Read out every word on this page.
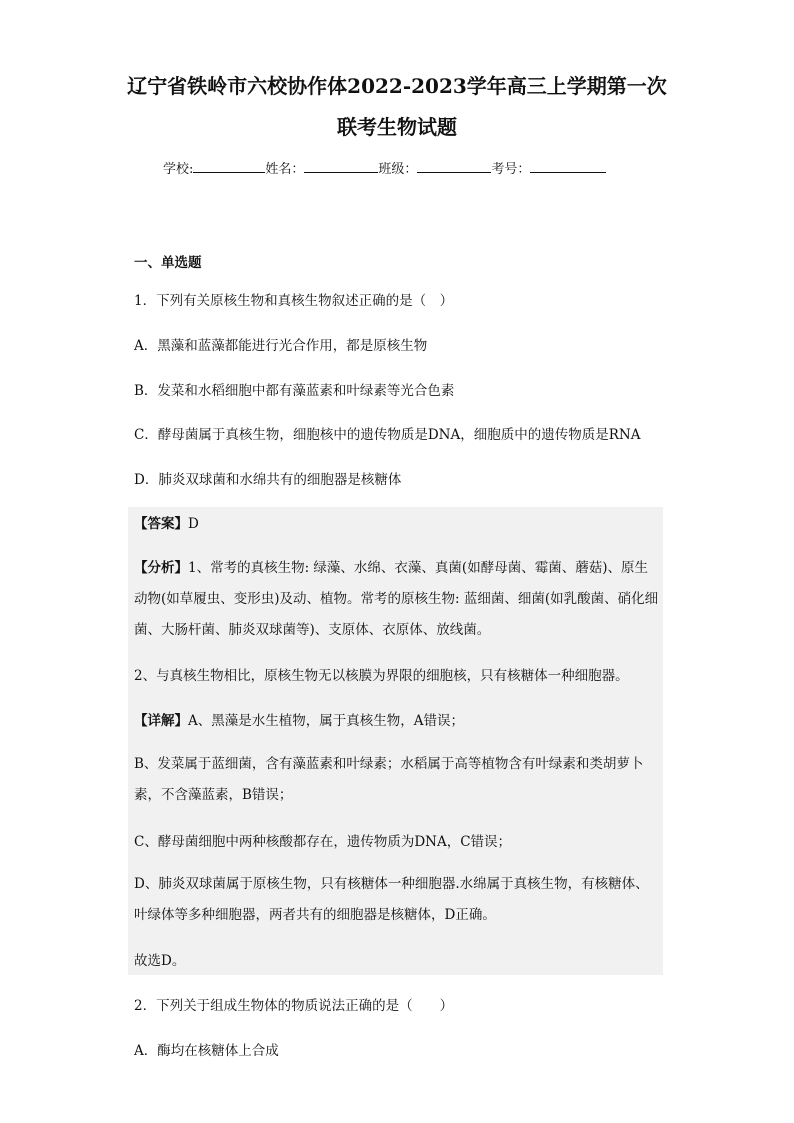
辽宁省铁岭市六校协作体2022-2023学年高三上学期第一次
联考生物试题
学校:	姓名：	班级：	考号：
一、单选题
1．下列有关原核生物和真核生物叙述正确的是（　）
A．黑藻和蓝藻都能进行光合作用，都是原核生物
B．发菜和水稻细胞中都有藻蓝素和叶绿素等光合色素
C．酵母菌属于真核生物，细胞核中的遗传物质是DNA，细胞质中的遗传物质是RNA
D．肺炎双球菌和水绵共有的细胞器是核糖体
【答案】D
【分析】1、常考的真核生物: 绿藻、水绵、衣藻、真菌(如酵母菌、霉菌、蘑菇)、原生动物(如草履虫、变形虫)及动、植物。常考的原核生物: 蓝细菌、细菌(如乳酸菌、硝化细菌、大肠杆菌、肺炎双球菌等)、支原体、衣原体、放线菌。
2、与真核生物相比，原核生物无以核膜为界限的细胞核，只有核糖体一种细胞器。
【详解】A、黑藻是水生植物，属于真核生物，A错误；
B、发菜属于蓝细菌，含有藻蓝素和叶绿素；水稻属于高等植物含有叶绿素和类胡萝卜素，不含藻蓝素，B错误；
C、酵母菌细胞中两种核酸都存在，遗传物质为DNA，C错误；
D、肺炎双球菌属于原核生物，只有核糖体一种细胞器.水绵属于真核生物，有核糖体、叶绿体等多种细胞器，两者共有的细胞器是核糖体，D正确。
故选D。
2．下列关于组成生物体的物质说法正确的是（　　）
A．酶均在核糖体上合成
